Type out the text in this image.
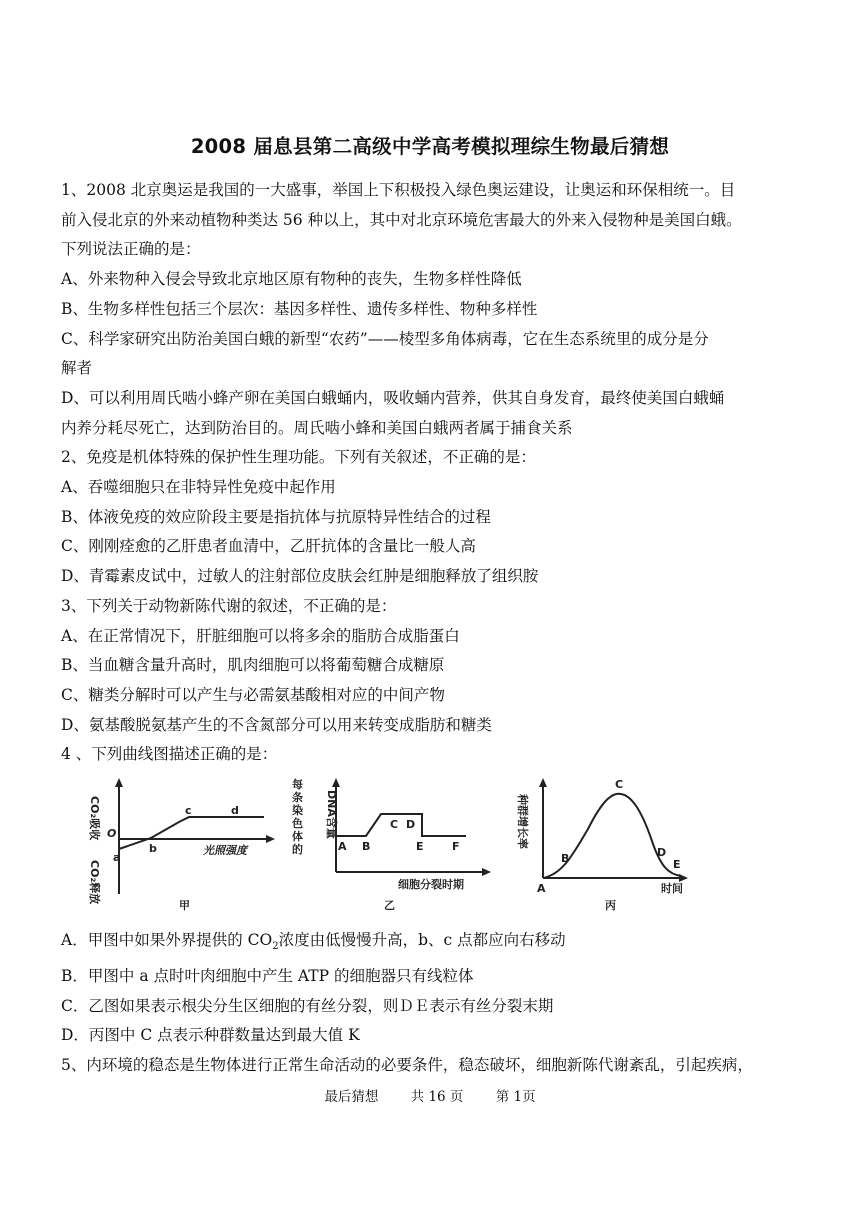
2008 届息县第二高级中学高考模拟理综生物最后猜想
1、2008 北京奥运是我国的一大盛事，举国上下积极投入绿色奥运建设，让奥运和环保相统一。目
前入侵北京的外来动植物种类达 56 种以上，其中对北京环境危害最大的外来入侵物种是美国白蛾。
下列说法正确的是：
A、外来物种入侵会导致北京地区原有物种的丧失，生物多样性降低
B、生物多样性包括三个层次：基因多样性、遗传多样性、物种多样性
C、科学家研究出防治美国白蛾的新型“农药”——棱型多角体病毒，它在生态系统里的成分是分
解者
D、可以利用周氏啮小蜂产卵在美国白蛾蛹内，吸收蛹内营养，供其自身发育，最终使美国白蛾蛹
内养分耗尽死亡，达到防治目的。周氏啮小蜂和美国白蛾两者属于捕食关系
2、免疫是机体特殊的保护性生理功能。下列有关叙述，不正确的是：
A、吞噬细胞只在非特异性免疫中起作用
B、体液免疫的效应阶段主要是指抗体与抗原特异性结合的过程
C、刚刚痊愈的乙肝患者血清中，乙肝抗体的含量比一般人高
D、青霉素皮试中，过敏人的注射部位皮肤会红肿是细胞释放了组织胺
3、下列关于动物新陈代谢的叙述，不正确的是：
A、在正常情况下，肝脏细胞可以将多余的脂肪合成脂蛋白
B、当血糖含量升高时，肌肉细胞可以将葡萄糖合成糖原
C、糖类分解时可以产生与必需氨基酸相对应的中间产物
D、氨基酸脱氨基产生的不含氮部分可以用来转变成脂肪和糖类
4 、下列曲线图描述正确的是：
CO₂吸收
CO₂释放
O
a
b
c	d
光照强度
甲
每条染色体的
DNA含量
A B
C D
E	F
细胞分裂时期
乙
种群增长率
A
B
C
D
E
时间
丙
A．甲图中如果外界提供的 $CO_2$浓度由低慢慢升高，b、c 点都应向右移动
B．甲图中 a 点时叶肉细胞中产生 ATP 的细胞器只有线粒体
C．乙图如果表示根尖分生区细胞的有丝分裂，则ＤＥ表示有丝分裂末期
D．丙图中 C 点表示种群数量达到最大值 K
5、内环境的稳态是生物体进行正常生命活动的必要条件，稳态破坏，细胞新陈代谢紊乱，引起疾病，
最后猜想 共 16 页 第 1页
